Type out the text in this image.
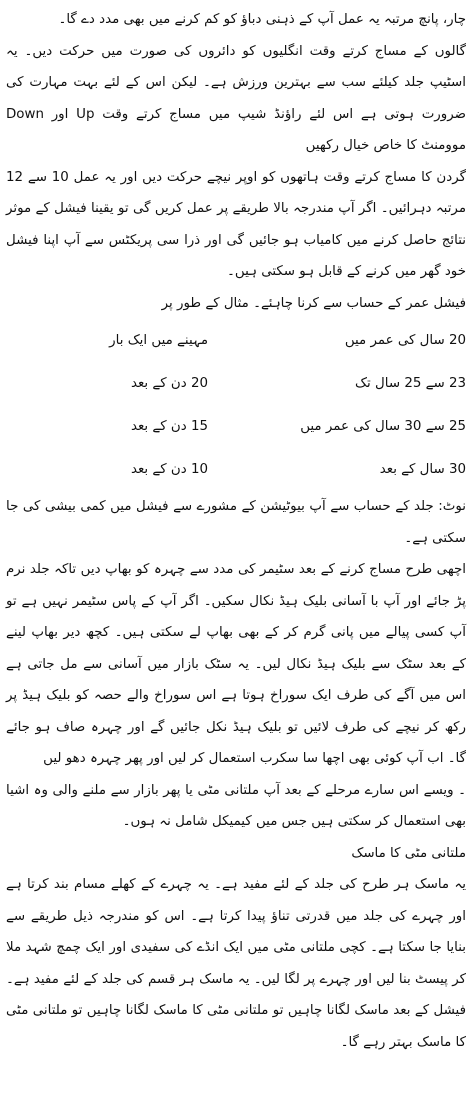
چار، پانچ مرتبہ یہ عمل آپ کے ذہنی دباؤ کو کم کرنے میں بھی مدد دے گا۔

گالوں کے مساج کرتے وقت انگلیوں کو دائروں کی صورت میں حرکت دیں۔ یہ اسٹیپ جلد کیلئے سب سے بہترین ورزش ہے۔ لیکن اس کے لئے بہت مہارت کی ضرورت ہوتی ہے اس لئے راؤنڈ شیپ میں مساج کرتے وقت Up اور Down موومنٹ کا خاص خیال رکھیں

گردن کا مساج کرتے وقت ہاتھوں کو اوپر نیچے حرکت دیں اور یہ عمل 10 سے 12 مرتبہ دہرائیں۔ اگر آپ مندرجہ بالا طریقے پر عمل کریں گی تو یقینا فیشل کے موثر نتائج حاصل کرنے میں کامیاب ہو جائیں گی اور ذرا سی پریکٹس سے آپ اپنا فیشل خود گھر میں کرنے کے قابل ہو سکتی ہیں۔

فیشل عمر کے حساب سے کرنا چاہئے۔ مثال کے طور پر

20 سال کی عمر میں
مہینے میں ایک بار
23 سے 25 سال تک
20 دن کے بعد
25 سے 30 سال کی عمر میں
15 دن کے بعد
30 سال کے بعد
10 دن کے بعد

نوٹ: جلد کے حساب سے آپ بیوٹیشن کے مشورے سے فیشل میں کمی بیشی کی جا سکتی ہے۔

اچھی طرح مساج کرنے کے بعد سٹیمر کی مدد سے چہرہ کو بھاپ دیں تاکہ جلد نرم پڑ جائے اور آپ با آسانی بلیک ہیڈ نکال سکیں۔ اگر آپ کے پاس سٹیمر نہیں ہے تو آپ کسی پیالے میں پانی گرم کر کے بھی بھاپ لے سکتی ہیں۔ کچھ دیر بھاپ لینے کے بعد سٹک سے بلیک ہیڈ نکال لیں۔ یہ سٹک بازار میں آسانی سے مل جاتی ہے اس میں آگے کی طرف ایک سوراخ ہوتا ہے اس سوراخ والے حصہ کو بلیک ہیڈ پر رکھ کر نیچے کی طرف لائیں تو بلیک ہیڈ نکل جائیں گے اور چہرہ صاف ہو جائے گا۔ اب آپ کوئی بھی اچھا سا سکرب استعمال کر لیں اور پھر چہرہ دھو لیں

۔ ویسے اس سارے مرحلے کے بعد آپ ملتانی مٹی یا پھر بازار سے ملنے والی وہ اشیا بھی استعمال کر سکتی ہیں جس میں کیمیکل شامل نہ ہوں۔

ملتانی مٹی کا ماسک

یہ ماسک ہر طرح کی جلد کے لئے مفید ہے۔ یہ چہرے کے کھلے مسام بند کرتا ہے اور چہرے کی جلد میں قدرتی تناؤ پیدا کرتا ہے۔ اس کو مندرجہ ذیل طریقے سے بنایا جا سکتا ہے۔ کچی ملتانی مٹی میں ایک انڈے کی سفیدی اور ایک چمچ شہد ملا کر پیسٹ بنا لیں اور چہرے پر لگا لیں۔ یہ ماسک ہر قسم کی جلد کے لئے مفید ہے۔ فیشل کے بعد ماسک لگانا چاہیں تو ملتانی مٹی کا ماسک لگانا چاہیں تو ملتانی مٹی کا ماسک بہتر رہے گا۔
